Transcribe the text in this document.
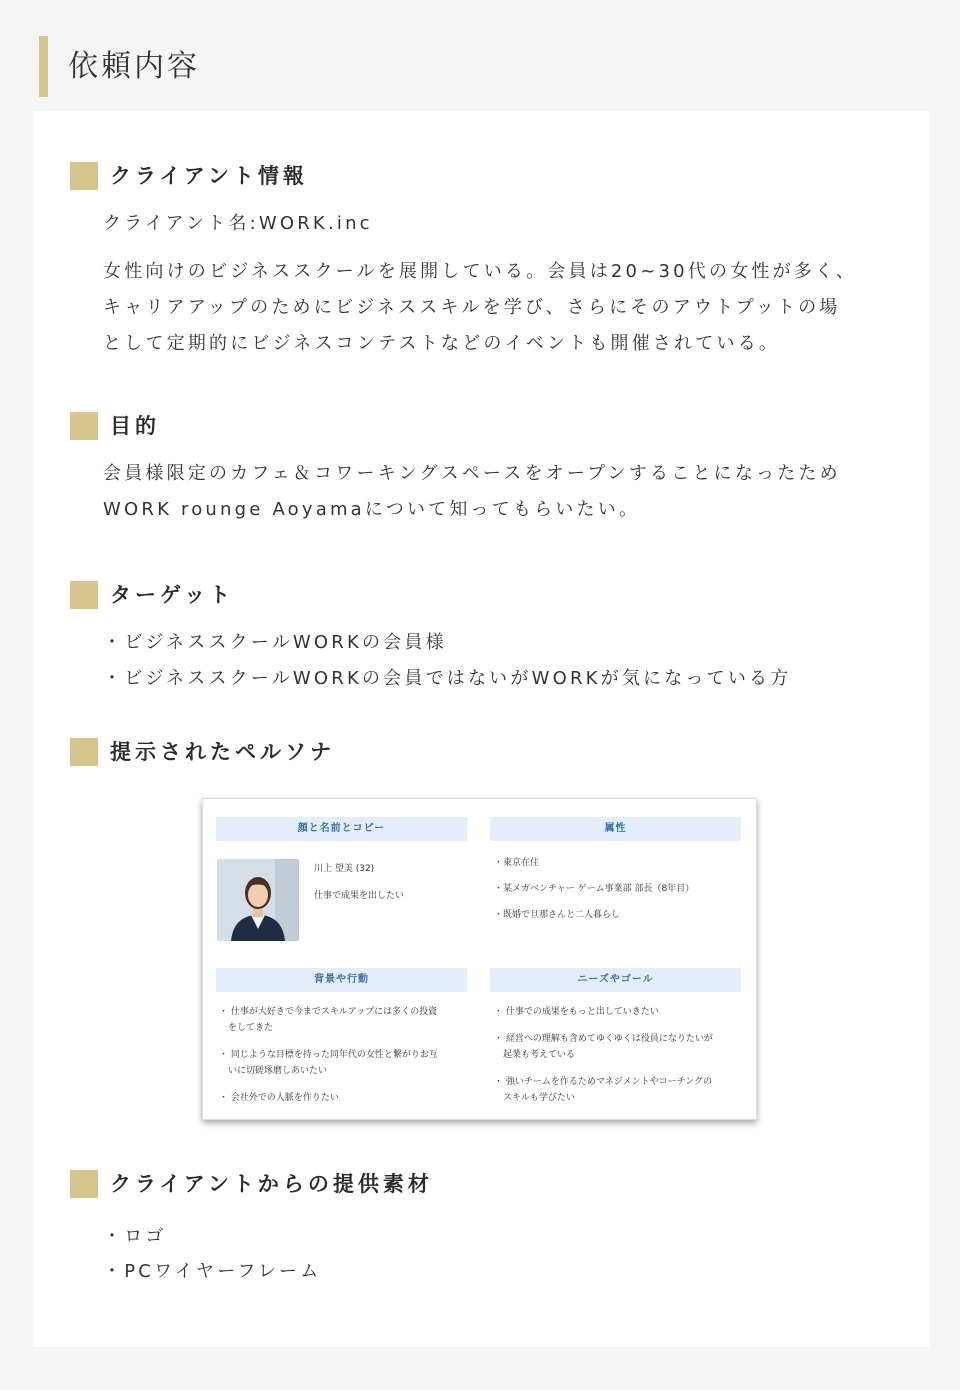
依頼内容
クライアント情報
クライアント名:WORK.inc
女性向けのビジネススクールを展開している。会員は20~30代の女性が多く、
キャリアアップのためにビジネススキルを学び、さらにそのアウトプットの場
として定期的にビジネスコンテストなどのイベントも開催されている。
目的
会員様限定のカフェ＆コワーキングスペースをオープンすることになったため
WORK rounge Aoyamaについて知ってもらいたい。
ターゲット
・ビジネススクールWORKの会員様
・ビジネススクールWORKの会員ではないがWORKが気になっている方
提示されたペルソナ
顔と名前とコピー	属性
川上 望美 (32)
仕事で成果を出したい
・東京在住
・某メガベンチャー ゲーム事業部 部長（8年目）
・既婚で旦那さんと二人暮らし
背景や行動	ニーズやゴール
・ 仕事が大好きで今までスキルアップには多くの投資
　をしてきた
・ 同じような目標を持った同年代の女性と繋がりお互
　いに切磋琢磨しあいたい
・ 会社外での人脈を作りたい
・ 仕事での成果をもっと出していきたい
・ 経営への理解も含めてゆくゆくは役員になりたいが
　起業も考えている
・ 強いチームを作るためマネジメントやコーチングの
　スキルも学びたい
クライアントからの提供素材
・ロゴ
・PCワイヤーフレーム
